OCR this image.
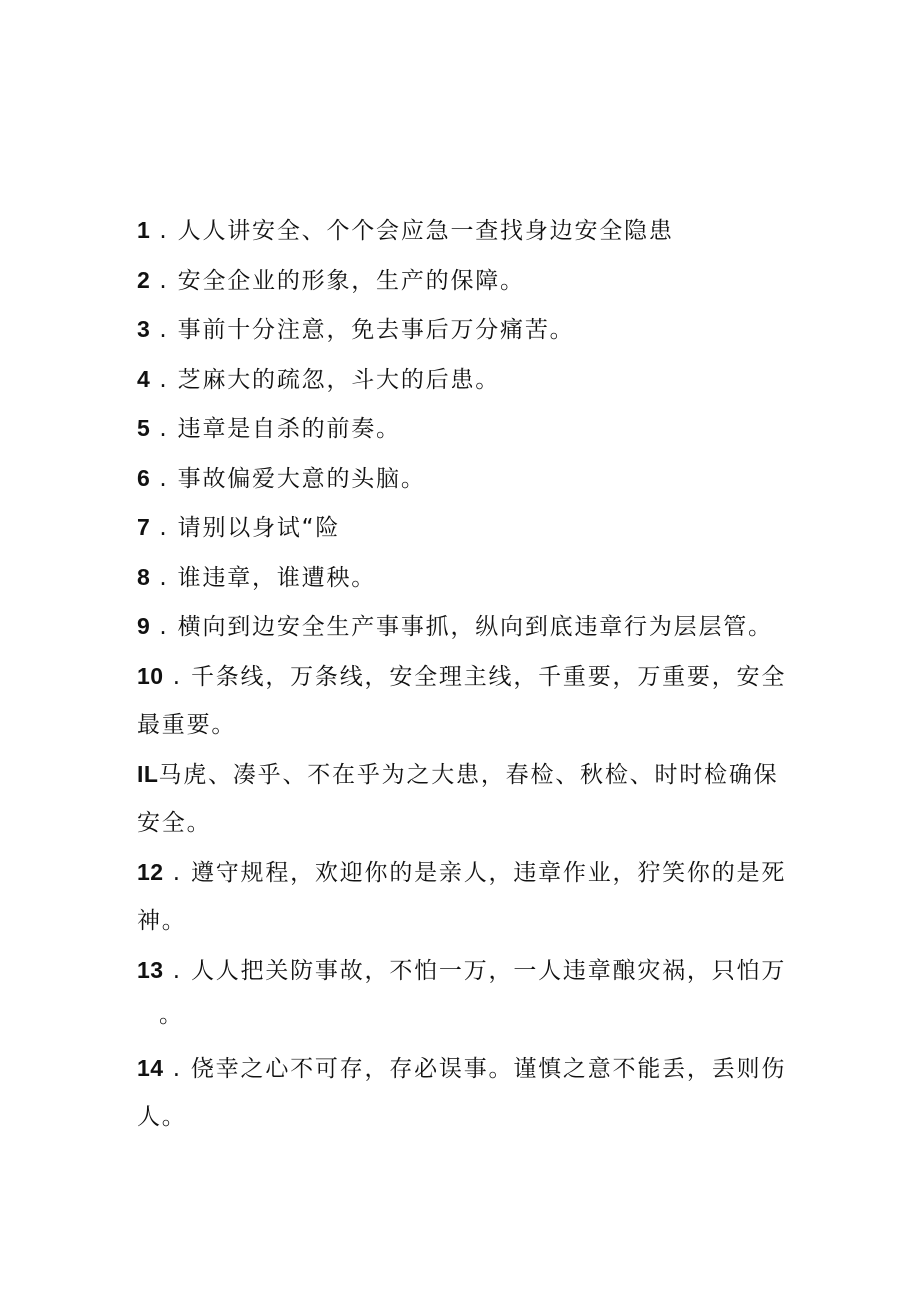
1 . 人人讲安全、个个会应急一查找身边安全隐患

2 . 安全企业的形象，生产的保障。

3 . 事前十分注意，免去事后万分痛苦。

4 . 芝麻大的疏忽，斗大的后患。

5 . 违章是自杀的前奏。

6 . 事故偏爱大意的头脑。

7 . 请别以身试“险

8 . 谁违章，谁遭秧。

9 . 横向到边安全生产事事抓，纵向到底违章行为层层管。

10 . 千条线，万条线，安全理主线，千重要，万重要，安全
最重要。

IL马虎、凑乎、不在乎为之大患，春检、秋检、时时检确保
安全。

12 . 遵守规程，欢迎你的是亲人，违章作业，狞笑你的是死
神。

13 . 人人把关防事故，不怕一万，一人违章酿灾祸，只怕万
。

14 . 侥幸之心不可存，存必误事。谨慎之意不能丢，丢则伤
人。
